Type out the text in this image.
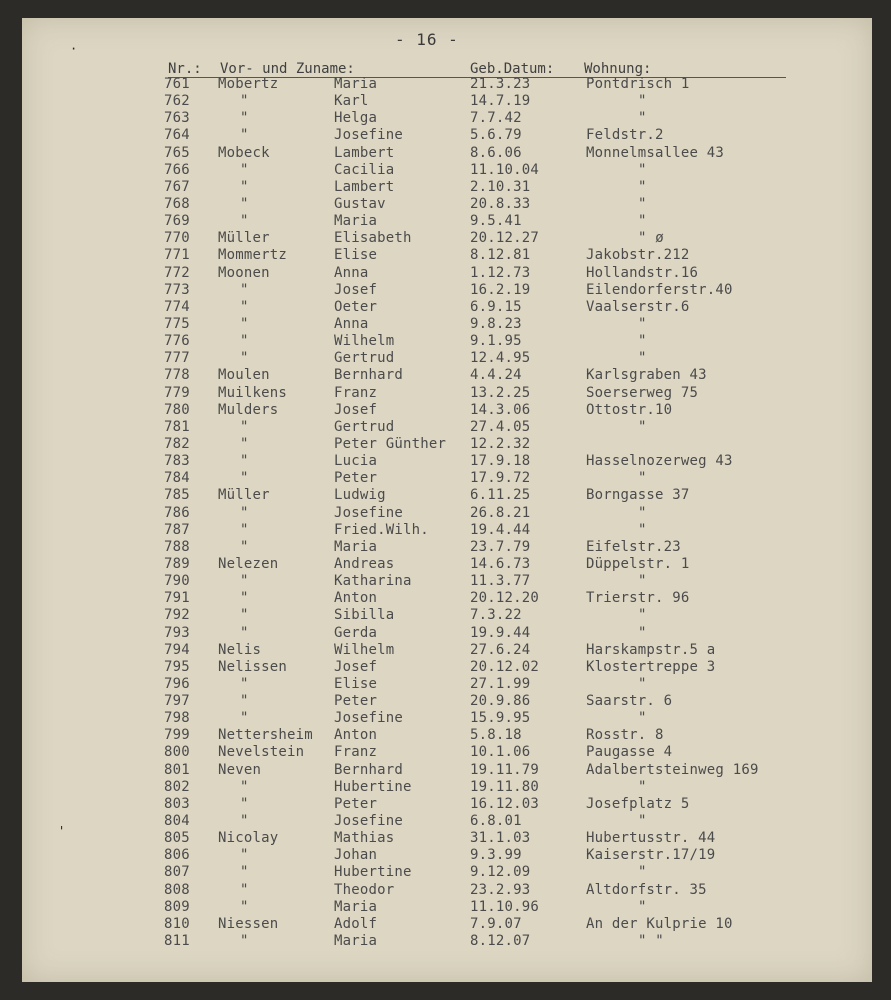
- 16 -
Nr.: Vor- und Zuname:	Geb.Datum: Wohnung:
761 Mobertz	Maria	21.3.23	Pontdrisch 1
762	"	Karl	14.7.19	"
763	"	Helga	7.7.42	"
764	"	Josefine	5.6.79	Feldstr.2
765 Mobeck	Lambert	8.6.06	Monnelmsallee 43
766	"	Cacilia	11.10.04	"
767	"	Lambert	2.10.31	"
768	"	Gustav	20.8.33	"
769	"	Maria	9.5.41	"
770 Müller	Elisabeth	20.12.27	" ø
771 Mommertz	Elise	8.12.81	Jakobstr.212
772 Moonen	Anna	1.12.73	Hollandstr.16
773	"	Josef	16.2.19	Eilendorferstr.40
774	"	Oeter	6.9.15	Vaalserstr.6
775	"	Anna	9.8.23	"
776	"	Wilhelm	9.1.95	"
777	"	Gertrud	12.4.95	"
778 Moulen	Bernhard	4.4.24	Karlsgraben 43
779 Muilkens	Franz	13.2.25	Soerserweg 75
780 Mulders	Josef	14.3.06	Ottostr.10
781	"	Gertrud	27.4.05	"
782	"	Peter Günther 12.2.32
783	"	Lucia	17.9.18	Hasselnozerweg 43
784	"	Peter	17.9.72	"
785 Müller	Ludwig	6.11.25	Borngasse 37
786	"	Josefine	26.8.21	"
787	"	Fried.Wilh.	19.4.44	"
788	"	Maria	23.7.79	Eifelstr.23
789 Nelezen	Andreas	14.6.73	Düppelstr. 1
790	"	Katharina	11.3.77	"
791	"	Anton	20.12.20	Trierstr. 96
792	"	Sibilla	7.3.22	"
793	"	Gerda	19.9.44	"
794 Nelis	Wilhelm	27.6.24	Harskampstr.5 a
795 Nelissen	Josef	20.12.02	Klostertreppe 3
796	"	Elise	27.1.99	"
797	"	Peter	20.9.86	Saarstr. 6
798	"	Josefine	15.9.95	"
799 Nettersheim Anton	5.8.18	Rosstr. 8
800 Nevelstein Franz	10.1.06	Paugasse 4
801 Neven	Bernhard	19.11.79	Adalbertsteinweg 169
802	"	Hubertine	19.11.80	"
803	"	Peter	16.12.03	Josefplatz 5
804	"	Josefine	6.8.01	"
805 Nicolay	Mathias	31.1.03	Hubertusstr. 44
806	"	Johan	9.3.99	Kaiserstr.17/19
807	"	Hubertine	9.12.09	"
808	"	Theodor	23.2.93	Altdorfstr. 35
809	"	Maria	11.10.96	"
810 Niessen	Adolf	7.9.07	An der Kulprie 10
811	"	Maria	8.12.07	" "
·
'
